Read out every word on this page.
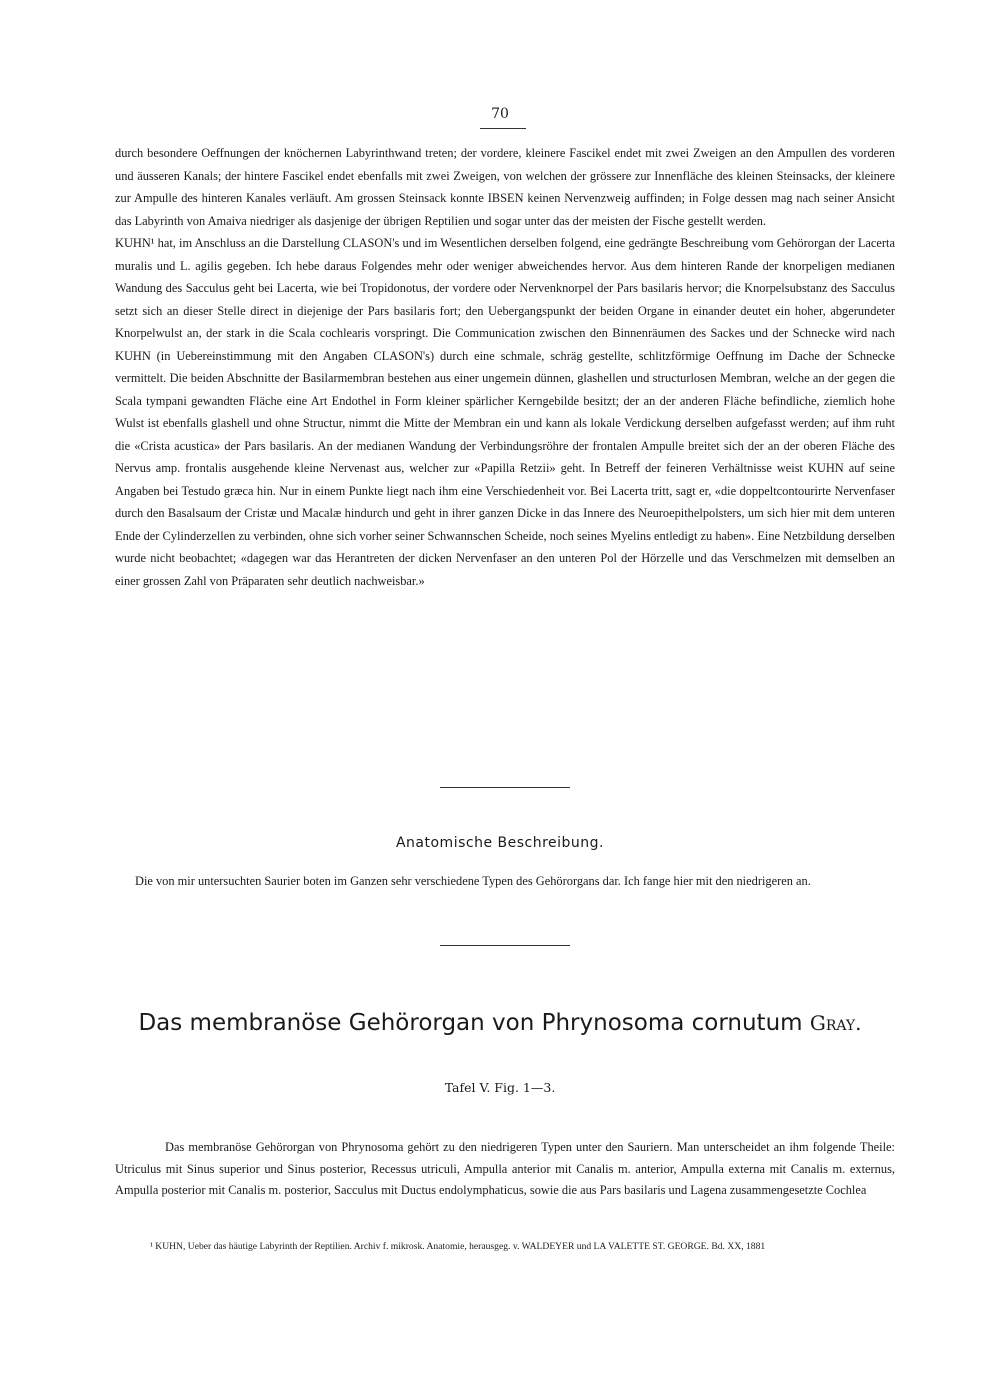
70

durch besondere Oeffnungen der knöchernen Labyrinthwand treten; der vordere, kleinere Fascikel endet mit zwei Zweigen an den Ampullen des vorderen und äusseren Kanals; der hintere Fascikel endet ebenfalls mit zwei Zweigen, von welchen der grössere zur Innenfläche des kleinen Steinsacks, der kleinere zur Ampulle des hinteren Kanales verläuft. Am grossen Steinsack konnte IBSEN keinen Nervenzweig auffinden; in Folge dessen mag nach seiner Ansicht das Labyrinth von Amaiva niedriger als dasjenige der übrigen Reptilien und sogar unter das der meisten der Fische gestellt werden.

KUHN¹ hat, im Anschluss an die Darstellung CLASON's und im Wesentlichen derselben folgend, eine gedrängte Beschreibung vom Gehörorgan der Lacerta muralis und L. agilis gegeben. Ich hebe daraus Folgendes mehr oder weniger abweichendes hervor. Aus dem hinteren Rande der knorpeligen medianen Wandung des Sacculus geht bei Lacerta, wie bei Tropidonotus, der vordere oder Nervenknorpel der Pars basilaris hervor; die Knorpelsubstanz des Sacculus setzt sich an dieser Stelle direct in diejenige der Pars basilaris fort; den Uebergangspunkt der beiden Organe in einander deutet ein hoher, abgerundeter Knorpelwulst an, der stark in die Scala cochlearis vorspringt. Die Communication zwischen den Binnenräumen des Sackes und der Schnecke wird nach KUHN (in Uebereinstimmung mit den Angaben CLASON's) durch eine schmale, schräg gestellte, schlitzförmige Oeffnung im Dache der Schnecke vermittelt. Die beiden Abschnitte der Basilarmembran bestehen aus einer ungemein dünnen, glashellen und structurlosen Membran, welche an der gegen die Scala tympani gewandten Fläche eine Art Endothel in Form kleiner spärlicher Kerngebilde besitzt; der an der anderen Fläche befindliche, ziemlich hohe Wulst ist ebenfalls glashell und ohne Structur, nimmt die Mitte der Membran ein und kann als lokale Verdickung derselben aufgefasst werden; auf ihm ruht die «Crista acustica» der Pars basilaris. An der medianen Wandung der Verbindungsröhre der frontalen Ampulle breitet sich der an der oberen Fläche des Nervus amp. frontalis ausgehende kleine Nervenast aus, welcher zur «Papilla Retzii» geht. In Betreff der feineren Verhältnisse weist KUHN auf seine Angaben bei Testudo græca hin. Nur in einem Punkte liegt nach ihm eine Verschiedenheit vor. Bei Lacerta tritt, sagt er, «die doppeltcontourirte Nervenfaser durch den Basalsaum der Cristæ und Macalæ hindurch und geht in ihrer ganzen Dicke in das Innere des Neuroepithelpolsters, um sich hier mit dem unteren Ende der Cylinderzellen zu verbinden, ohne sich vorher seiner Schwannschen Scheide, noch seines Myelins entledigt zu haben». Eine Netzbildung derselben wurde nicht beobachtet; «dagegen war das Herantreten der dicken Nervenfaser an den unteren Pol der Hörzelle und das Verschmelzen mit demselben an einer grossen Zahl von Präparaten sehr deutlich nachweisbar.»

Anatomische Beschreibung.
Die von mir untersuchten Saurier boten im Ganzen sehr verschiedene Typen des Gehörorgans dar. Ich fange hier mit den niedrigeren an.
Das membranöse Gehörorgan von Phrynosoma cornutum Gray.
Tafel V. Fig. 1—3.

Das membranöse Gehörorgan von Phrynosoma gehört zu den niedrigeren Typen unter den Sauriern. Man unterscheidet an ihm folgende Theile: Utriculus mit Sinus superior und Sinus posterior, Recessus utriculi, Ampulla anterior mit Canalis m. anterior, Ampulla externa mit Canalis m. externus, Ampulla posterior mit Canalis m. posterior, Sacculus mit Ductus endolymphaticus, sowie die aus Pars basilaris und Lagena zusammengesetzte Cochlea

¹ KUHN, Ueber das häutige Labyrinth der Reptilien. Archiv f. mikrosk. Anatomie, herausgeg. v. WALDEYER und LA VALETTE ST. GEORGE. Bd. XX, 1881
